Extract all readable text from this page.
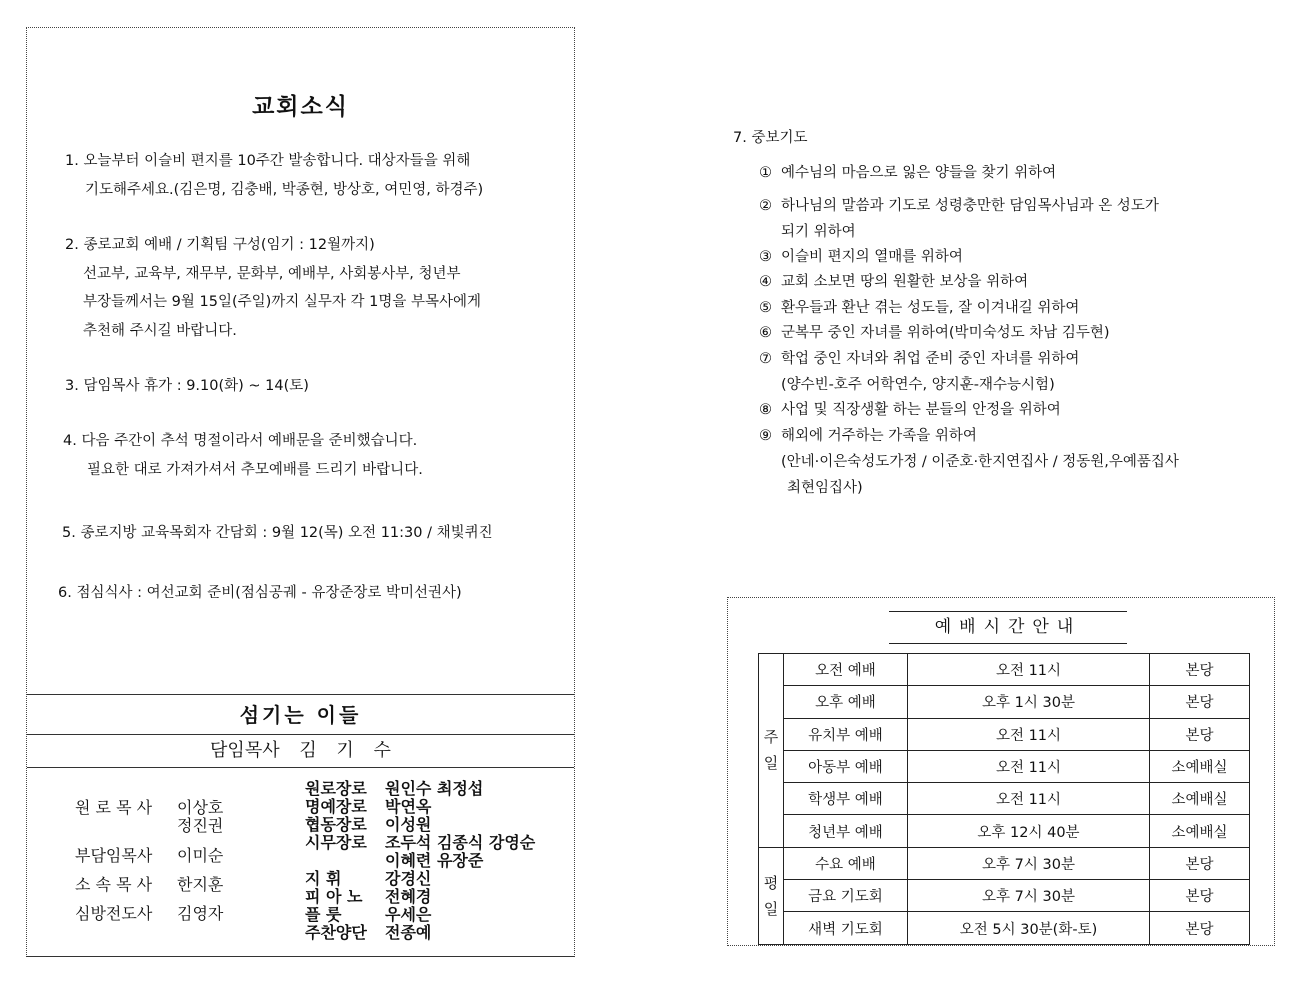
교회소식
1. 오늘부터 이슬비 편지를 10주간 발송합니다. 대상자들을 위해
기도해주세요.(김은명, 김충배, 박종현, 방상호, 여민영, 하경주)
2. 종로교회 예배 / 기획팀 구성(임기 : 12월까지)
선교부, 교육부, 재무부, 문화부, 예배부, 사회봉사부, 청년부
부장들께서는 9월 15일(주일)까지 실무자 각 1명을 부목사에게
추천해 주시길 바랍니다.
3. 담임목사 휴가 : 9.10(화) ~ 14(토)
4. 다음 주간이 추석 명절이라서 예배문을 준비했습니다.
필요한 대로 가져가셔서 추모예배를 드리기 바랍니다.
5. 종로지방 교육목회자 간담회 : 9월 12(목) 오전 11:30 / 채빛퀴진
6. 점심식사 : 여선교회 준비(점심공궤 - 유장준장로 박미선권사)
섬기는 이들
담임목사 김 기 수
원 로 목 사 이상호
정진권
부담임목사 이미순
소 속 목 사 한지훈
심방전도사 김영자
원로장로 원인수 최정섭
명예장로 박연옥
협동장로 이성원
시무장로 조두석 김종식 강영순
이혜련 유장준
지 휘	강경신
피 아 노 전혜경
플 룻	우세은
주찬양단 전종예
7. 중보기도
① 예수님의 마음으로 잃은 양들을 찾기 위하여
② 하나님의 말씀과 기도로 성령충만한 담임목사님과 온 성도가
되기 위하여
③ 이슬비 편지의 열매를 위하여
④ 교회 소보면 땅의 원활한 보상을 위하여
⑤ 환우들과 환난 겪는 성도들, 잘 이겨내길 위하여
⑥ 군복무 중인 자녀를 위하여(박미숙성도 차남 김두현)
⑦ 학업 중인 자녀와 취업 준비 중인 자녀를 위하여
(양수빈-호주 어학연수, 양지훈-재수능시험)
⑧ 사업 및 직장생활 하는 분들의 안정을 위하여
⑨ 해외에 거주하는 가족을 위하여
(안네·이은숙성도가정 / 이준호·한지연집사 / 정동원,우예품집사
최현임집사)
예배시간안내
주
일	오전 예배	오전 11시	본당
	오후 예배	오후 1시 30분	본당
	유치부 예배	오전 11시	본당
	아동부 예배	오전 11시	소예배실
	학생부 예배	오전 11시	소예배실
	청년부 예배	오후 12시 40분	소예배실
평
일	수요 예배	오후 7시 30분	본당
	금요 기도회	오후 7시 30분	본당
	새벽 기도회	오전 5시 30분(화-토)	본당
